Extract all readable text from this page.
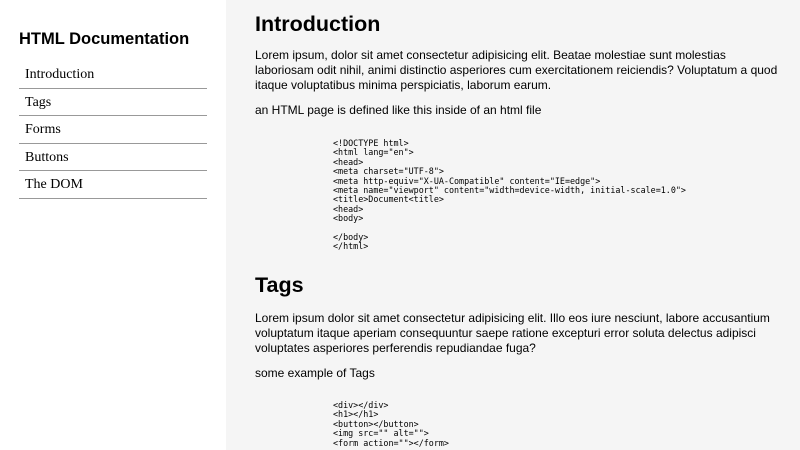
HTML Documentation
Introduction
Tags
Forms
Buttons
The DOM
Introduction

Lorem ipsum, dolor sit amet consectetur adipisicing elit. Beatae molestiae sunt molestias laboriosam odit nihil, animi distinctio asperiores cum exercitationem reiciendis? Voluptatum a quod itaque voluptatibus minima perspiciatis, laborum earum.

an HTML page is defined like this inside of an html file

<!DOCTYPE html>
<html lang="en">
<head>
<meta charset="UTF-8">
<meta http-equiv="X-UA-Compatible" content="IE=edge">
<meta name="viewport" content="width=device-width, initial-scale=1.0">
<title>Document<title>
<head>
<body>

</body>
</html>
Tags

Lorem ipsum dolor sit amet consectetur adipisicing elit. Illo eos iure nesciunt, labore accusantium voluptatum itaque aperiam consequuntur saepe ratione excepturi error soluta delectus adipisci voluptates asperiores perferendis repudiandae fuga?

some example of Tags

<div></div>
<h1></h1>
<button></button>
<img src="" alt="">
<form action=""></form>
